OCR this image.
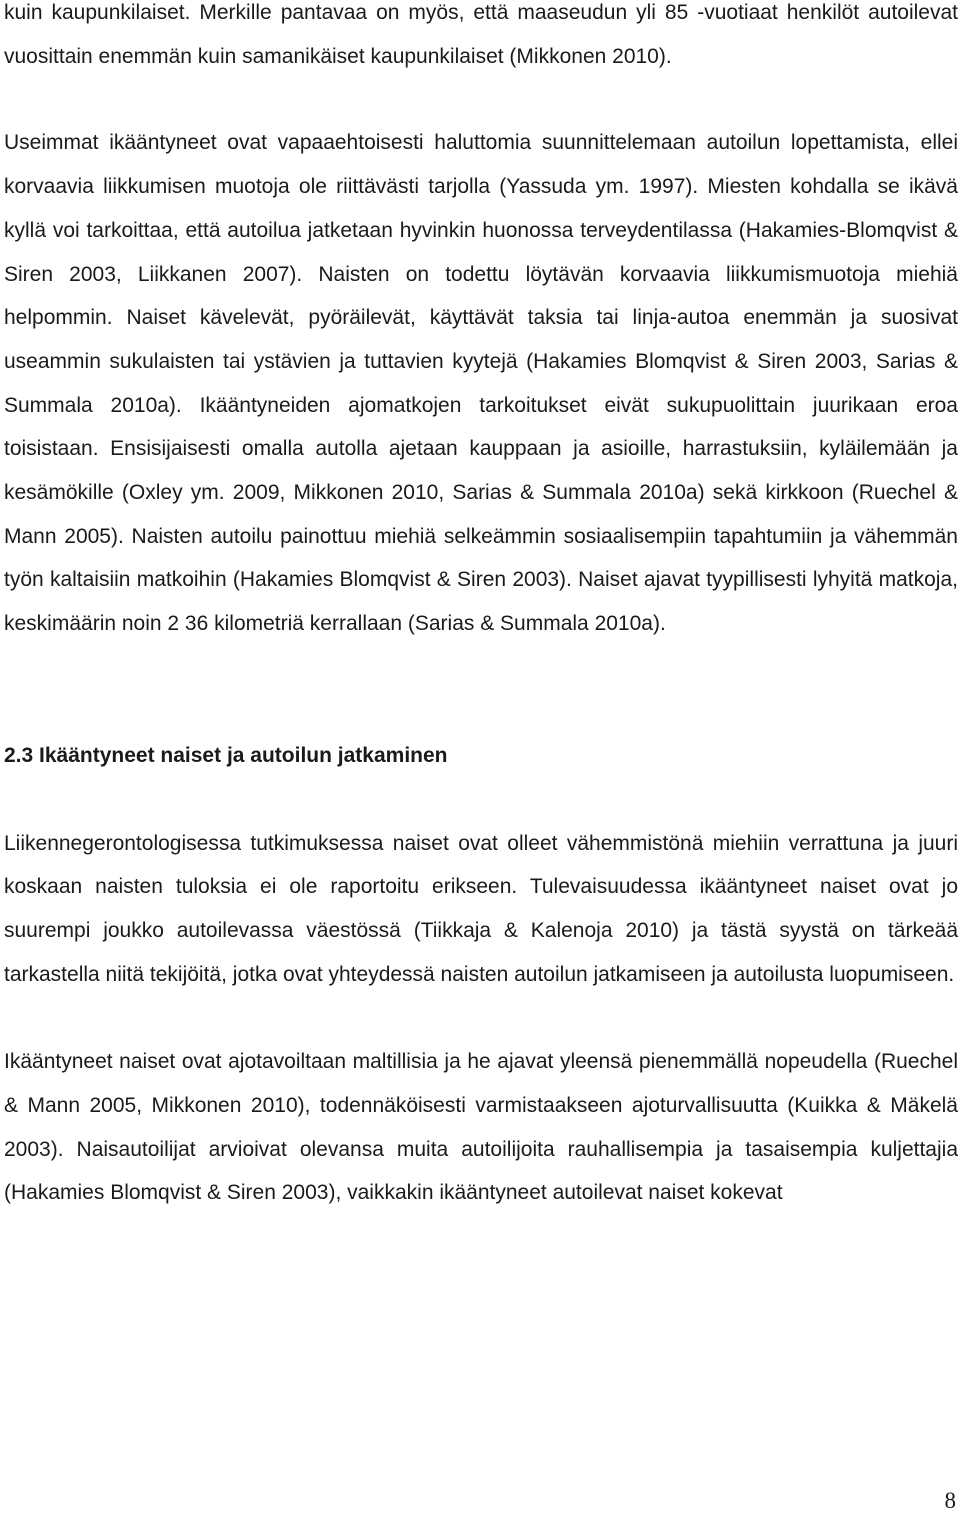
kuin kaupunkilaiset. Merkille pantavaa on myös, että maaseudun yli 85 -vuotiaat henkilöt autoilevat vuosittain enemmän kuin samanikäiset kaupunkilaiset (Mikkonen 2010).

Useimmat ikääntyneet ovat vapaaehtoisesti haluttomia suunnittelemaan autoilun lopettamista, ellei korvaavia liikkumisen muotoja ole riittävästi tarjolla (Yassuda ym. 1997). Miesten kohdalla se ikävä kyllä voi tarkoittaa, että autoilua jatketaan hyvinkin huonossa terveydentilassa (Hakamies-Blomqvist & Siren 2003, Liikkanen 2007). Naisten on todettu löytävän korvaavia liikkumismuotoja miehiä helpommin. Naiset kävelevät, pyöräilevät, käyttävät taksia tai linja-autoa enemmän ja suosivat useammin sukulaisten tai ystävien ja tuttavien kyytejä (Hakamies Blomqvist & Siren 2003, Sarias & Summala 2010a). Ikääntyneiden ajomatkojen tarkoitukset eivät sukupuolittain juurikaan eroa toisistaan. Ensisijaisesti omalla autolla ajetaan kauppaan ja asioille, harrastuksiin, kyläilemään ja kesämökille (Oxley ym. 2009, Mikkonen 2010, Sarias & Summala 2010a) sekä kirkkoon (Ruechel & Mann 2005). Naisten autoilu painottuu miehiä selkeämmin sosiaalisempiin tapahtumiin ja vähemmän työn kaltaisiin matkoihin (Hakamies Blomqvist & Siren 2003). Naiset ajavat tyypillisesti lyhyitä matkoja, keskimäärin noin 2 36 kilometriä kerrallaan (Sarias & Summala 2010a).

2.3 Ikääntyneet naiset ja autoilun jatkaminen

Liikennegerontologisessa tutkimuksessa naiset ovat olleet vähemmistönä miehiin verrattuna ja juuri koskaan naisten tuloksia ei ole raportoitu erikseen. Tulevaisuudessa ikääntyneet naiset ovat jo suurempi joukko autoilevassa väestössä (Tiikkaja & Kalenoja 2010) ja tästä syystä on tärkeää tarkastella niitä tekijöitä, jotka ovat yhteydessä naisten autoilun jatkamiseen ja autoilusta luopumiseen.

Ikääntyneet naiset ovat ajotavoiltaan maltillisia ja he ajavat yleensä pienemmällä nopeudella (Ruechel & Mann 2005, Mikkonen 2010), todennäköisesti varmistaakseen ajoturvallisuutta (Kuikka & Mäkelä 2003). Naisautoilijat arvioivat olevansa muita autoilijoita rauhallisempia ja tasaisempia kuljettajia (Hakamies Blomqvist & Siren 2003), vaikkakin ikääntyneet autoilevat naiset kokevat

8
